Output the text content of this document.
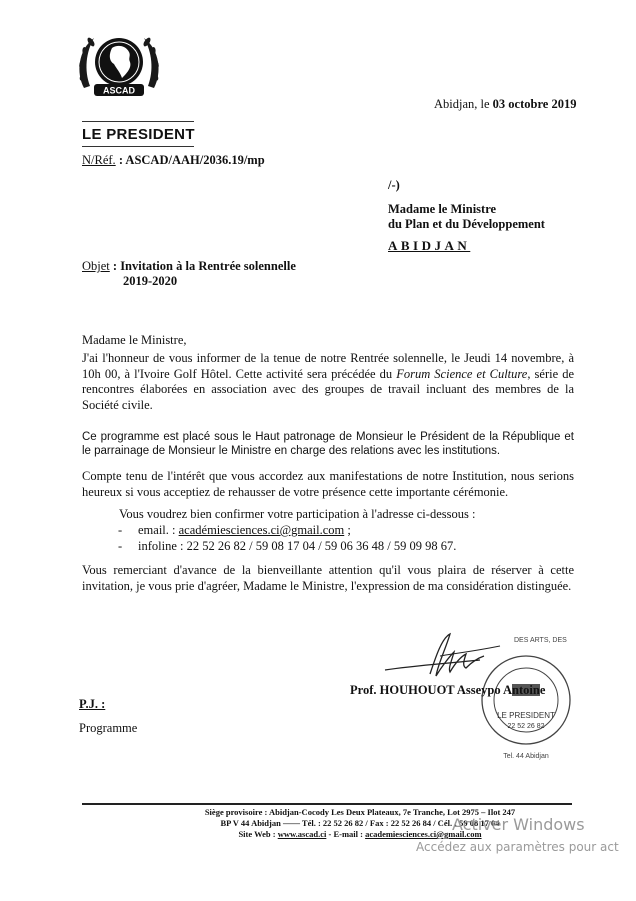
ASCAD
Abidjan, le 03 octobre 2019
LE PRESIDENT
N/Réf. : ASCAD/AAH/2036.19/mp
/-)
Madame le Ministre
du Plan et du Développement
ABIDJAN
Objet : Invitation à la Rentrée solennelle
2019-2020
Madame le Ministre,
J'ai l'honneur de vous informer de la tenue de notre Rentrée solennelle, le Jeudi 14 novembre, à 10h 00, à l'Ivoire Golf Hôtel. Cette activité sera précédée du Forum Science et Culture, série de rencontres élaborées en association avec des groupes de travail incluant des membres de la Société civile.
Ce programme est placé sous le Haut patronage de Monsieur le Président de la République et le parrainage de Monsieur le Ministre en charge des relations avec les institutions.
Compte tenu de l'intérêt que vous accordez aux manifestations de notre Institution, nous serions heureux si vous acceptiez de rehausser de votre présence cette importante cérémonie.
Vous voudrez bien confirmer votre participation à l'adresse ci-dessous :
- email. : académiesciences.ci@gmail.com ;
- infoline : 22 52 26 82 / 59 08 17 04 / 59 06 36 48 / 59 09 98 67.
Vous remerciant d'avance de la bienveillante attention qu'il vous plaira de réserver à cette invitation, je vous prie d'agréer, Madame le Ministre, l'expression de ma considération distinguée.
DES ARTS, DES
LE PRESIDENT
22 52 26 82
Tel. 44 Abidjan
Prof. HOUHOUOT Asseypo Antoine
P.J. :
Programme
Siège provisoire : Abidjan-Cocody Les Deux Plateaux, 7e Tranche, Lot 2975 – Ilot 247
BP V 44 Abidjan —— Tél. : 22 52 26 82 / Fax : 22 52 26 84 / Cél. : 59 08 17 04
Site Web : www.ascad.ci - E-mail : academiesciences.ci@gmail.com
Activer Windows
Accédez aux paramètres pour act
